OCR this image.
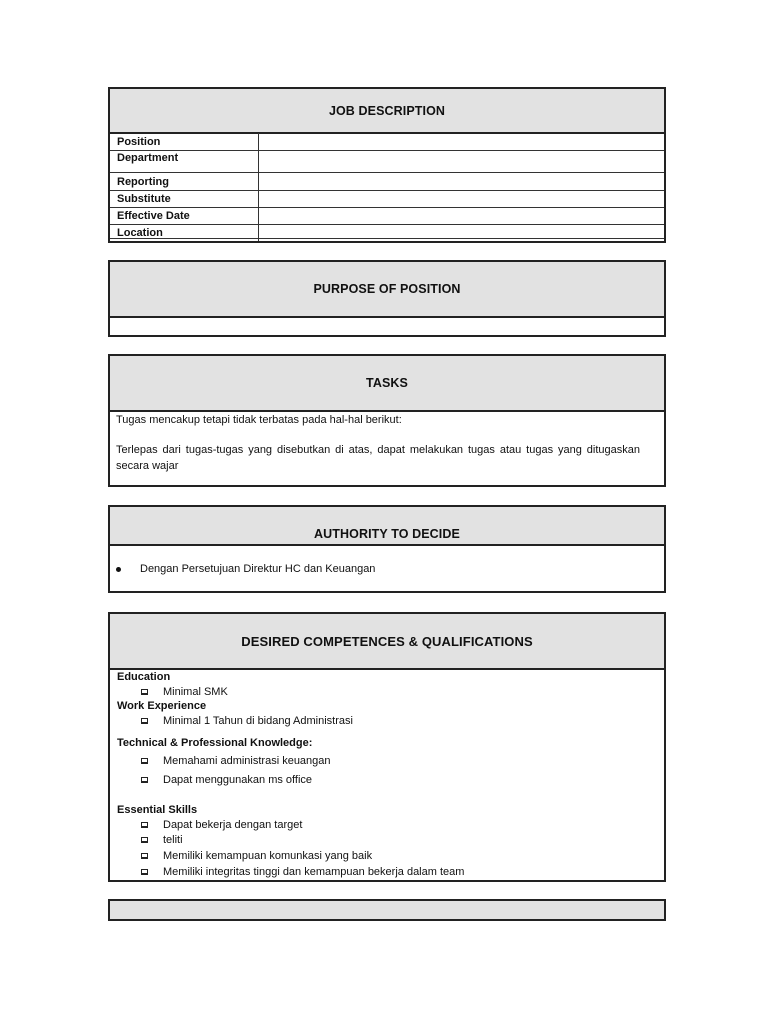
JOB DESCRIPTION
Position
Department
Reporting
Substitute
Effective Date
Location
PURPOSE OF POSITION
TASKS
Tugas mencakup tetapi tidak terbatas pada hal-hal berikut:
Terlepas dari tugas-tugas yang disebutkan di atas, dapat melakukan tugas atau tugas yang ditugaskan secara wajar
AUTHORITY TO DECIDE
Dengan Persetujuan Direktur HC dan Keuangan
DESIRED COMPETENCES & QUALIFICATIONS
Education
Minimal SMK
Work Experience
Minimal 1 Tahun di bidang Administrasi
Technical & Professional Knowledge:
Memahami administrasi keuangan
Dapat menggunakan ms office
Essential Skills
Dapat bekerja dengan target
teliti
Memiliki kemampuan komunkasi yang baik
Memiliki integritas tinggi dan kemampuan bekerja dalam team
